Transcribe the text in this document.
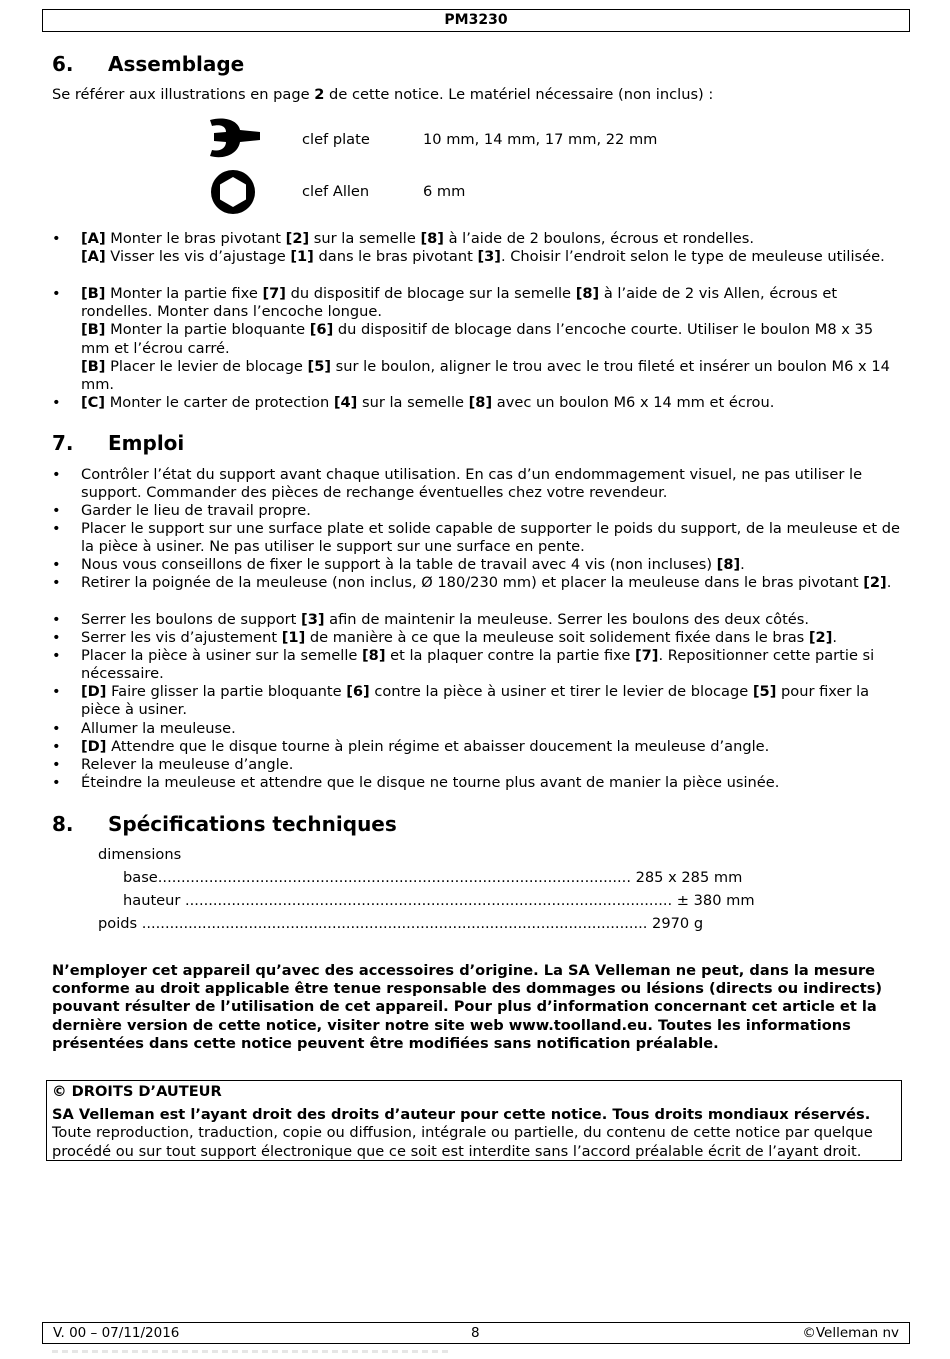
PM3230
6. Assemblage
Se référer aux illustrations en page 2 de cette notice. Le matériel nécessaire (non inclus) :
clef plate	10 mm, 14 mm, 17 mm, 22 mm
clef Allen	6 mm
•	[A] Monter le bras pivotant [2] sur la semelle [8] à l’aide de 2 boulons, écrous et rondelles.
[A] Visser les vis d’ajustage [1] dans le bras pivotant [3]. Choisir l’endroit selon le type de meuleuse utilisée.
•	[B] Monter la partie fixe [7] du dispositif de blocage sur la semelle [8] à l’aide de 2 vis Allen, écrous et rondelles. Monter dans l’encoche longue.
[B] Monter la partie bloquante [6] du dispositif de blocage dans l’encoche courte. Utiliser le boulon M8 x 35 mm et l’écrou carré.
[B] Placer le levier de blocage [5] sur le boulon, aligner le trou avec le trou fileté et insérer un boulon M6 x 14 mm.
•	[C] Monter le carter de protection [4] sur la semelle [8] avec un boulon M6 x 14 mm et écrou.
7. Emploi
•	Contrôler l’état du support avant chaque utilisation. En cas d’un endommagement visuel, ne pas utiliser le support. Commander des pièces de rechange éventuelles chez votre revendeur.
•	Garder le lieu de travail propre.
•	Placer le support sur une surface plate et solide capable de supporter le poids du support, de la meuleuse et de la pièce à usiner. Ne pas utiliser le support sur une surface en pente.
•	Nous vous conseillons de fixer le support à la table de travail avec 4 vis (non incluses) [8].
•	Retirer la poignée de la meuleuse (non inclus, Ø 180/230 mm) et placer la meuleuse dans le bras pivotant [2].
•	Serrer les boulons de support [3] afin de maintenir la meuleuse. Serrer les boulons des deux côtés.
•	Serrer les vis d’ajustement [1] de manière à ce que la meuleuse soit solidement fixée dans le bras [2].
•	Placer la pièce à usiner sur la semelle [8] et la plaquer contre la partie fixe [7]. Repositionner cette partie si nécessaire.
•	[D] Faire glisser la partie bloquante [6] contre la pièce à usiner et tirer le levier de blocage [5] pour fixer la pièce à usiner.
•	Allumer la meuleuse.
•	[D] Attendre que le disque tourne à plein régime et abaisser doucement la meuleuse d’angle.
•	Relever la meuleuse d’angle.
•	Éteindre la meuleuse et attendre que le disque ne tourne plus avant de manier la pièce usinée.
8. Spécifications techniques
dimensions
base...................................................................................................... 285 x 285 mm
hauteur ......................................................................................................... ± 380 mm
poids ............................................................................................................. 2970 g
N’employer cet appareil qu’avec des accessoires d’origine. La SA Velleman ne peut, dans la mesure conforme au droit applicable être tenue responsable des dommages ou lésions (directs ou indirects) pouvant résulter de l’utilisation de cet appareil. Pour plus d’information concernant cet article et la dernière version de cette notice, visiter notre site web www.toolland.eu. Toutes les informations présentées dans cette notice peuvent être modifiées sans notification préalable.
© DROITS D’AUTEUR
SA Velleman est l’ayant droit des droits d’auteur pour cette notice. Tous droits mondiaux réservés.
Toute reproduction, traduction, copie ou diffusion, intégrale ou partielle, du contenu de cette notice par quelque procédé ou sur tout support électronique que ce soit est interdite sans l’accord préalable écrit de l’ayant droit.
V. 00 – 07/11/2016	8	©Velleman nv
